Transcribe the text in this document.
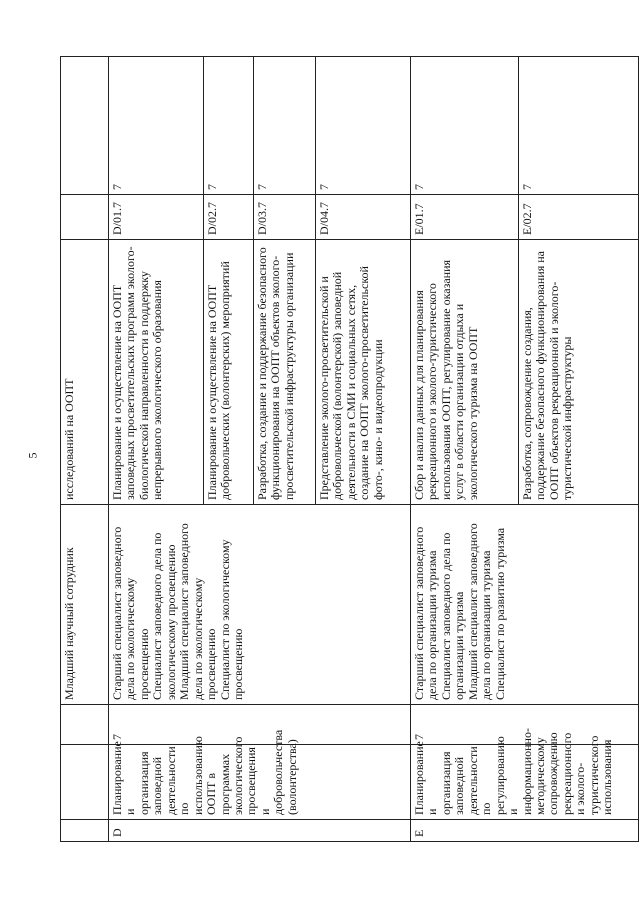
5
			Младший научный сотрудник	исследований на ООПТ		
D	Планирование и организация заповедной деятельности по использованию ООПТ в программах экологического просвещения и добровольчества (волонтерства)	7	Старший специалист заповедного дела по экологическому просвещению
Специалист заповедного дела по экологическому просвещению
Младший специалист заповедного дела по экологическому просвещению
Специалист по экологическому просвещению	Планирование и осуществление на ООПТ заповедных просветительских программ эколого-биологической направленности в поддержку непрерывного экологического образования	D/01.7	7
				Планирование и осуществление на ООПТ добровольческих (волонтерских) мероприятий	D/02.7	7
				Разработка, создание и поддержание безопасного функционирования на ООПТ объектов эколого-просветительской инфраструктуры организации	D/03.7	7
				Представление эколого-просветительской и добровольческой (волонтерской) заповедной деятельности в СМИ и социальных сетях, создание на ООПТ эколого-просветительской фото-, кино- и видеопродукции	D/04.7	7
E	Планирование и организация заповедной деятельности по регулированию и информационно-методическому сопровождению рекреационного и эколого-туристического использования	7	Старший специалист заповедного дела по организации туризма
Специалист заповедного дела по организации туризма
Младший специалист заповедного дела по организации туризма
Специалист по развитию туризма	Сбор и анализ данных для планирования рекреационного и эколого-туристического использования ООПТ, регулирование оказания услуг в области организации отдыха и экологического туризма на ООПТ	E/01.7	7
				Разработка, сопровождение создания, поддержание безопасного функционирования на ООПТ объектов рекреационной и эколого-туристической инфраструктуры	E/02.7	7
